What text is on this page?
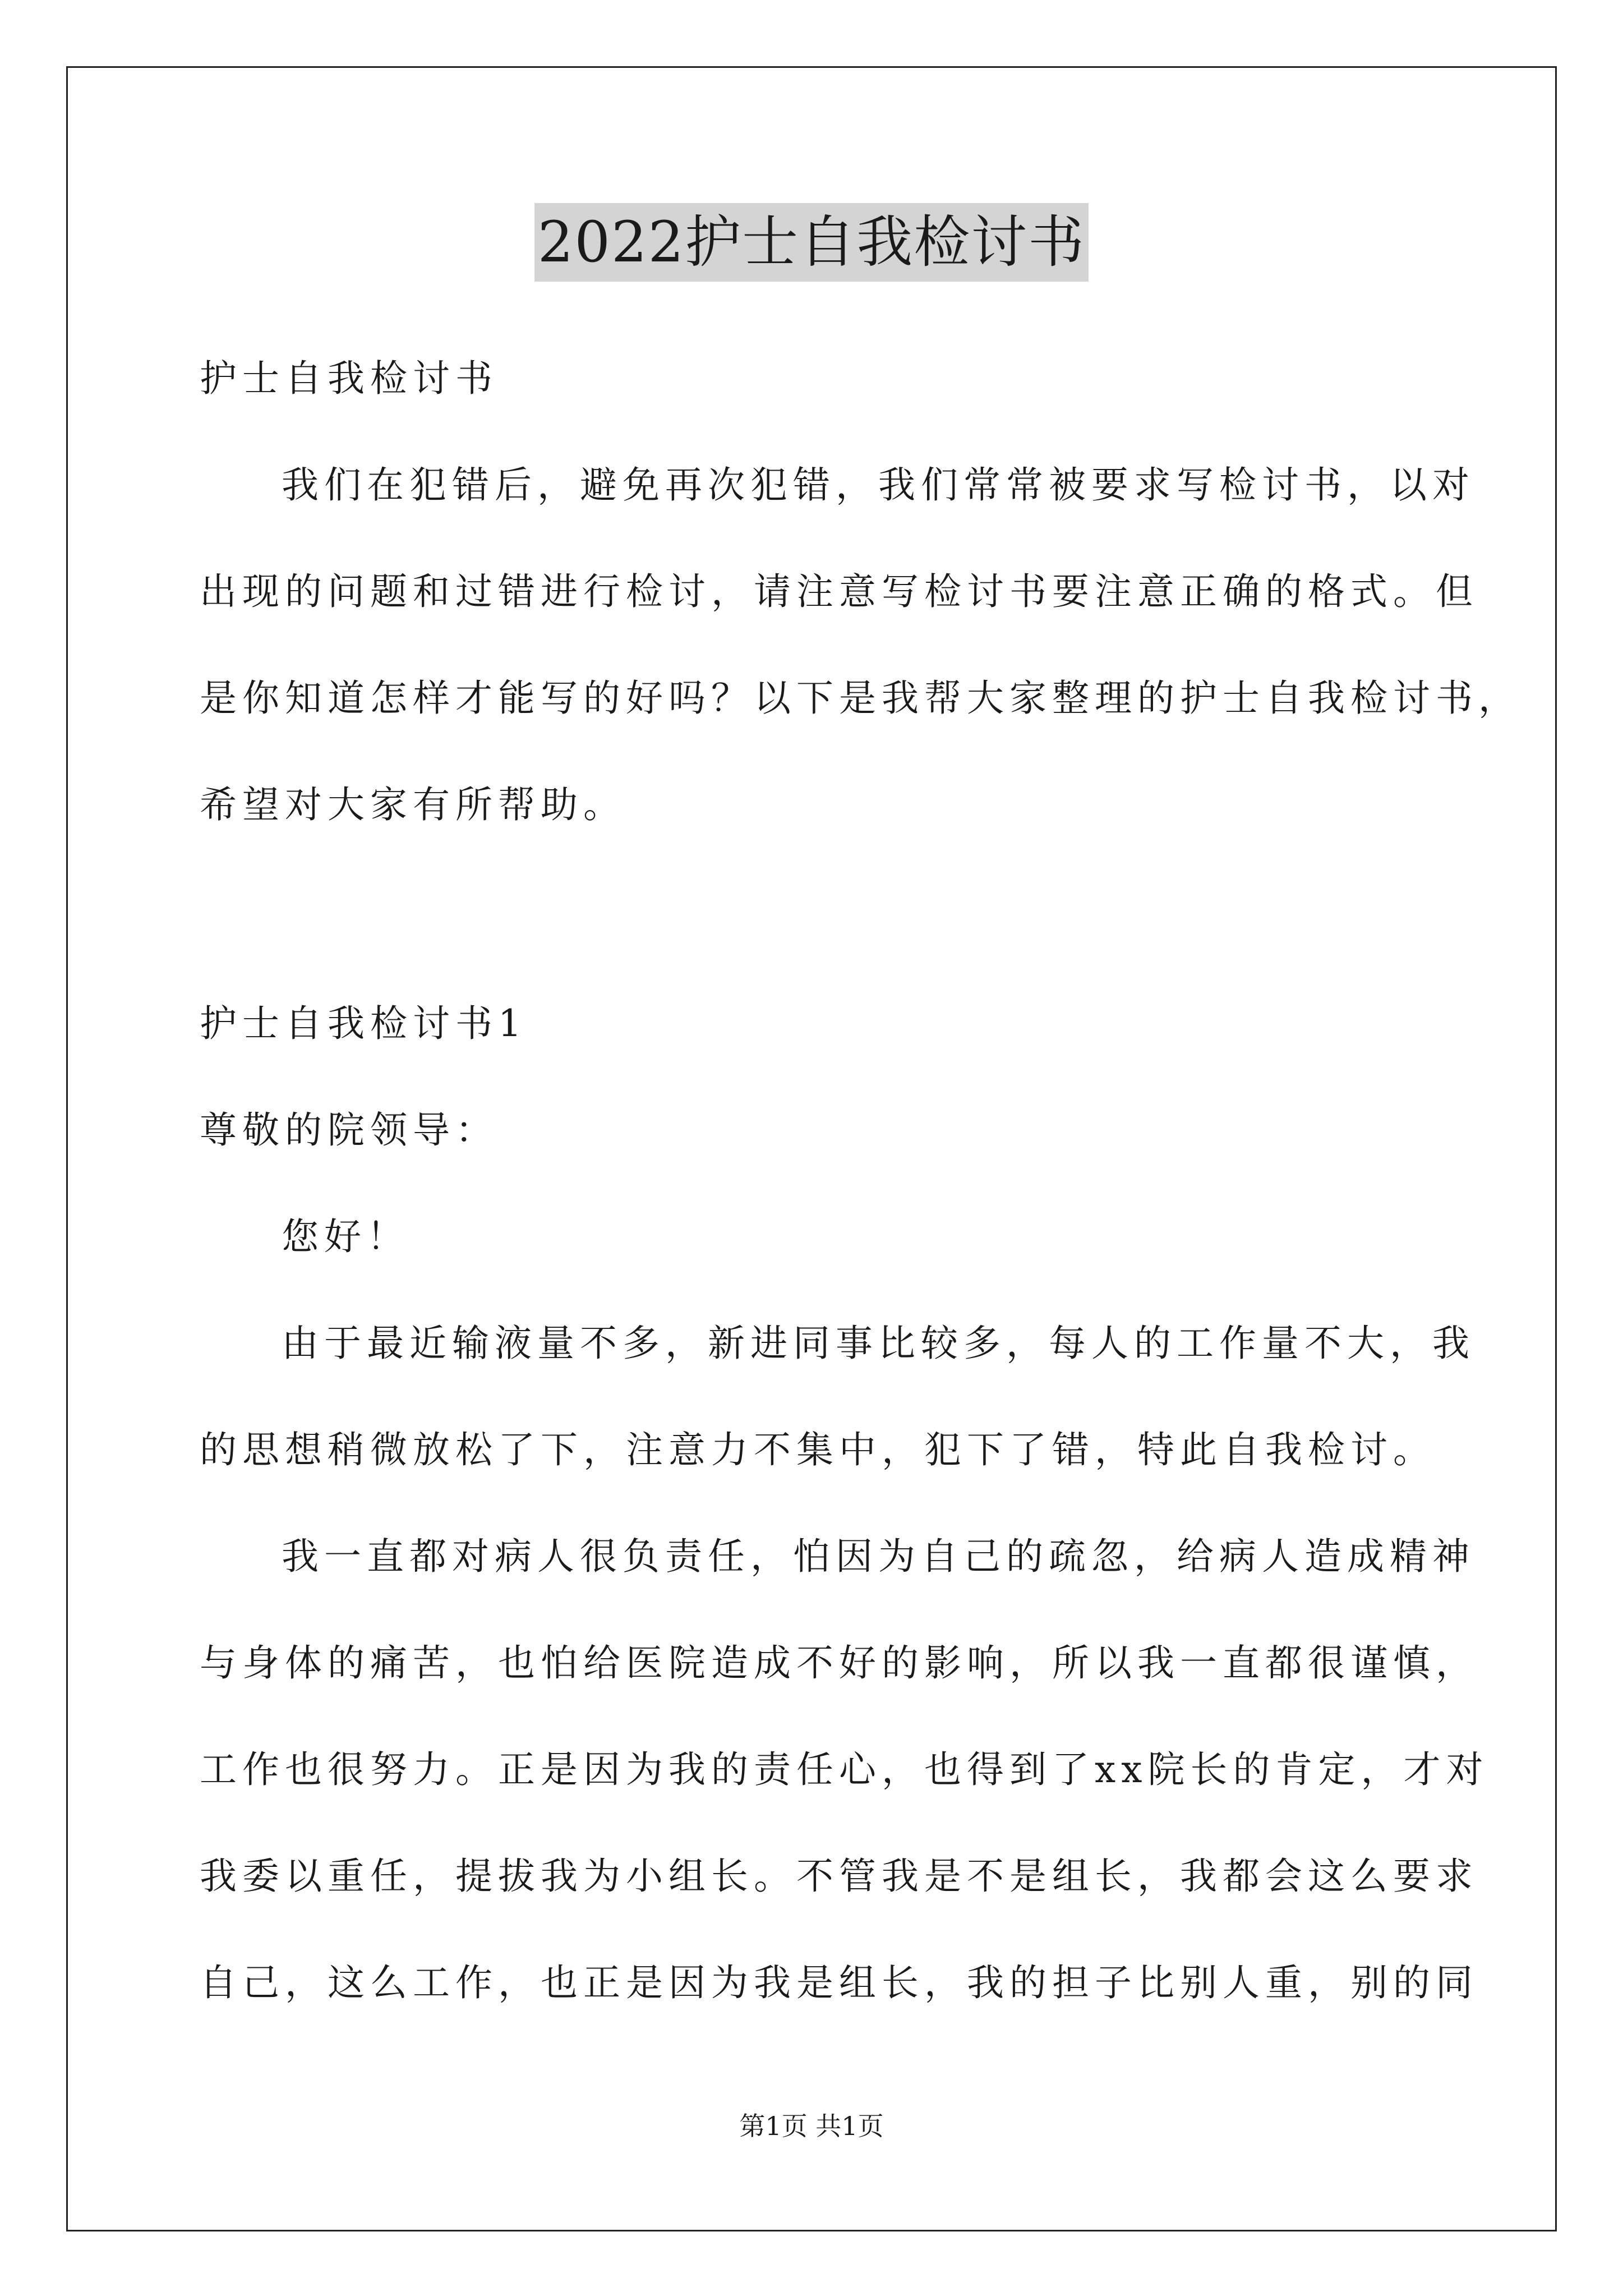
2022护士自我检讨书
护士自我检讨书
我们在犯错后，避免再次犯错，我们常常被要求写检讨书，以对
出现的问题和过错进行检讨，请注意写检讨书要注意正确的格式。但
是你知道怎样才能写的好吗？以下是我帮大家整理的护士自我检讨书，
希望对大家有所帮助。
护士自我检讨书1
尊敬的院领导：
您好！
由于最近输液量不多，新进同事比较多，每人的工作量不大，我
的思想稍微放松了下，注意力不集中，犯下了错，特此自我检讨。
我一直都对病人很负责任，怕因为自己的疏忽，给病人造成精神
与身体的痛苦，也怕给医院造成不好的影响，所以我一直都很谨慎，
工作也很努力。正是因为我的责任心，也得到了xx院长的肯定，才对
我委以重任，提拔我为小组长。不管我是不是组长，我都会这么要求
自己，这么工作，也正是因为我是组长，我的担子比别人重，别的同
第1页 共1页
